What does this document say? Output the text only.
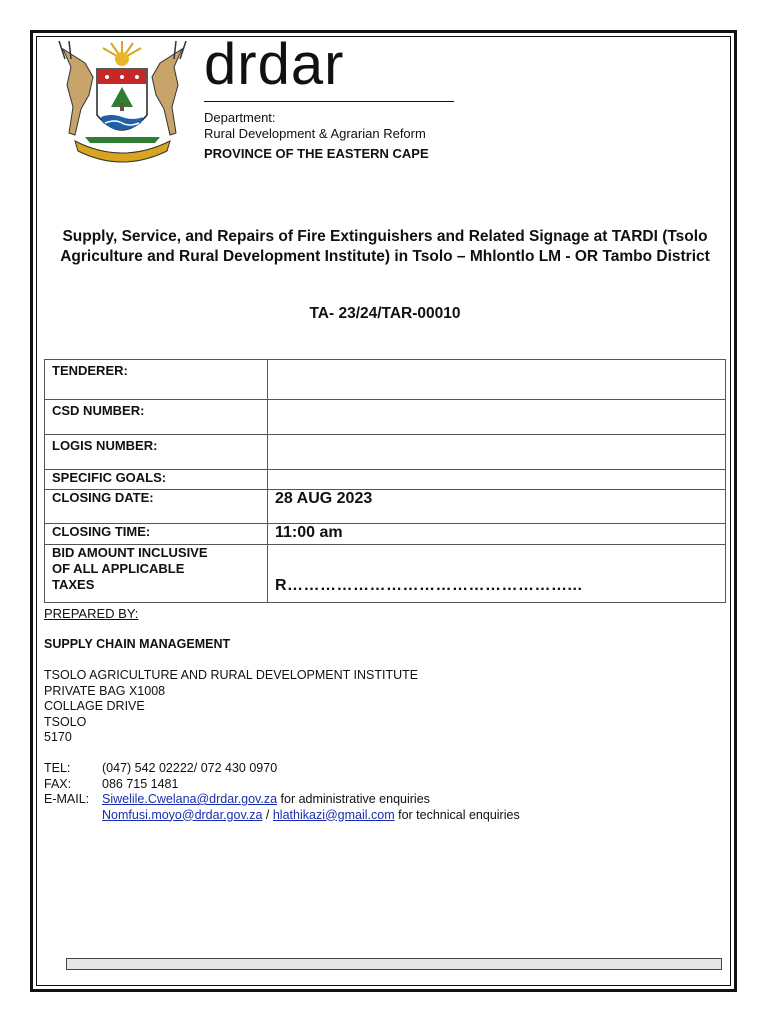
drdar
Department:
Rural Development & Agrarian Reform
PROVINCE OF THE EASTERN CAPE
Supply, Service, and Repairs of Fire Extinguishers and Related Signage at TARDI (Tsolo Agriculture and Rural Development Institute) in Tsolo – Mhlontlo LM - OR Tambo District
TA- 23/24/TAR-00010
TENDERER:	
CSD NUMBER:	
LOGIS NUMBER:	
SPECIFIC GOALS:	
CLOSING DATE:	28 AUG 2023
CLOSING TIME:	11:00 am
BID AMOUNT INCLUSIVE
OF ALL APPLICABLE
TAXES	R……………………………………………...
PREPARED BY:
SUPPLY CHAIN MANAGEMENT
TSOLO AGRICULTURE AND RURAL DEVELOPMENT INSTITUTE
PRIVATE BAG X1008
COLLAGE DRIVE
TSOLO
5170
TEL:	(047) 542 02222/ 072 430 0970
FAX: 086 715 1481
E-MAIL: Siwelile.Cwelana@drdar.gov.za for administrative enquiries
Nomfusi.moyo@drdar.gov.za / hlathikazi@gmail.com for technical enquiries
